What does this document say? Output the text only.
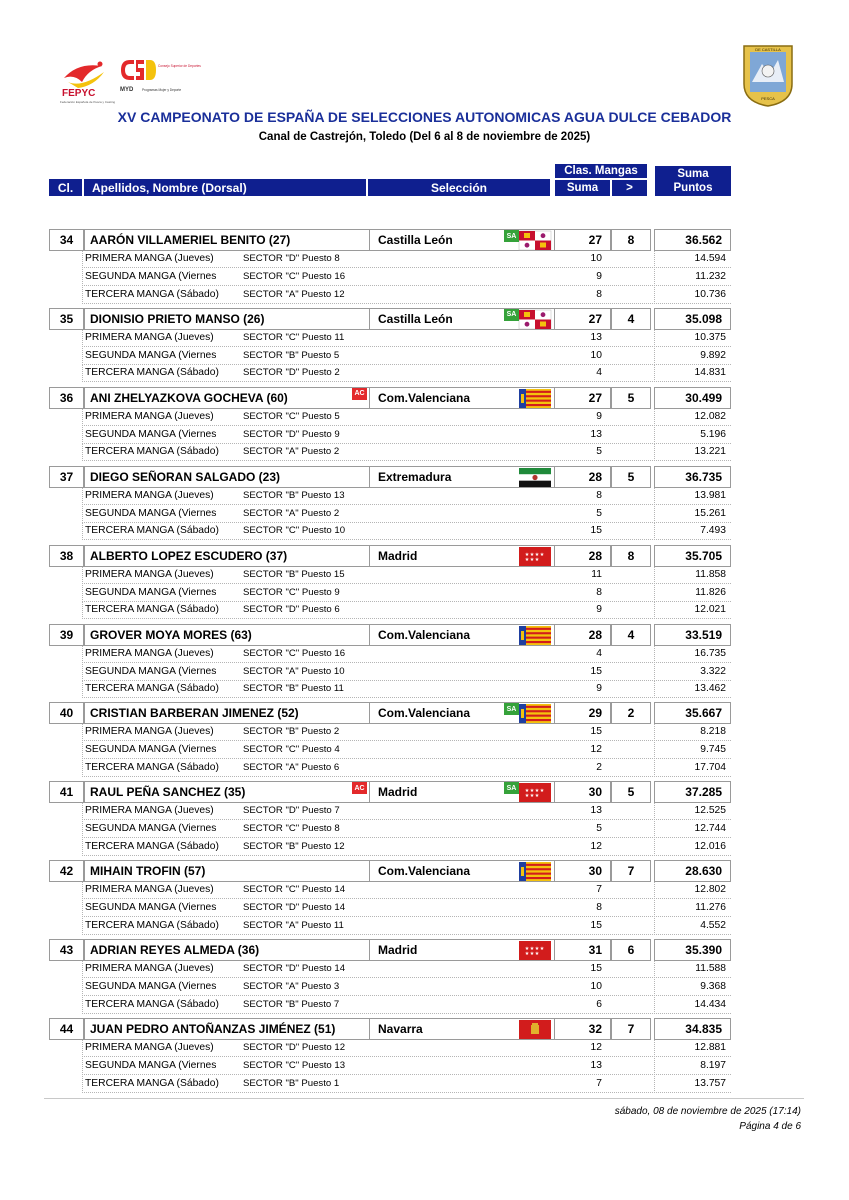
FEPYC
Federación Española de Pesca y Casting
Consejo Superior de Deportes
MYD	Programas Mujer y Deporte
DE CASTILLA
PESCA
XV CAMPEONATO DE ESPAÑA DE SELECCIONES AUTONOMICAS AGUA DULCE CEBADOR
Canal de Castrejón, Toledo (Del 6 al 8 de noviembre de 2025)
Cl.	Apellidos, Nombre (Dorsal)	Selección
Clas. Mangas
Suma	>
Suma
Puntos
34	AARÓN VILLAMERIEL BENITO (27)	Castilla León	27	8	36.562
SA
PRIMERA MANGA (Jueves)	SECTOR "D" Puesto 8	10	14.594
SEGUNDA MANGA (Viernes	SECTOR "C" Puesto 16	9	11.232
TERCERA MANGA (Sábado)	SECTOR "A" Puesto 12	8	10.736
35	DIONISIO PRIETO MANSO (26)	Castilla León	27	4	35.098
SA
PRIMERA MANGA (Jueves)	SECTOR "C" Puesto 11	13	10.375
SEGUNDA MANGA (Viernes	SECTOR "B" Puesto 5	10	9.892
TERCERA MANGA (Sábado)	SECTOR "D" Puesto 2	4	14.831
36	ANI ZHELYAZKOVA GOCHEVA (60)	Com.Valenciana	27	5	30.499
AC
PRIMERA MANGA (Jueves)	SECTOR "C" Puesto 5	9	12.082
SEGUNDA MANGA (Viernes	SECTOR "D" Puesto 9	13	5.196
TERCERA MANGA (Sábado)	SECTOR "A" Puesto 2	5	13.221
37	DIEGO SEÑORAN SALGADO (23)	Extremadura	28	5	36.735
PRIMERA MANGA (Jueves)	SECTOR "B" Puesto 13	8	13.981
SEGUNDA MANGA (Viernes	SECTOR "A" Puesto 2	5	15.261
TERCERA MANGA (Sábado)	SECTOR "C" Puesto 10	15	7.493
38	ALBERTO LOPEZ ESCUDERO (37)	Madrid	28	8	35.705
★ ★ ★ ★
★ ★ ★
PRIMERA MANGA (Jueves)	SECTOR "B" Puesto 15	11	11.858
SEGUNDA MANGA (Viernes	SECTOR "C" Puesto 9	8	11.826
TERCERA MANGA (Sábado)	SECTOR "D" Puesto 6	9	12.021
39	GROVER MOYA MORES (63)	Com.Valenciana	28	4	33.519
PRIMERA MANGA (Jueves)	SECTOR "C" Puesto 16	4	16.735
SEGUNDA MANGA (Viernes	SECTOR "A" Puesto 10	15	3.322
TERCERA MANGA (Sábado)	SECTOR "B" Puesto 11	9	13.462
40	CRISTIAN BARBERAN JIMENEZ (52)	Com.Valenciana	29	2	35.667
SA
PRIMERA MANGA (Jueves)	SECTOR "B" Puesto 2	15	8.218
SEGUNDA MANGA (Viernes	SECTOR "C" Puesto 4	12	9.745
TERCERA MANGA (Sábado)	SECTOR "A" Puesto 6	2	17.704
41	RAUL PEÑA SANCHEZ (35)	Madrid	30	5	37.285
★ ★ ★ ★
★ ★ ★
SA
AC
PRIMERA MANGA (Jueves)	SECTOR "D" Puesto 7	13	12.525
SEGUNDA MANGA (Viernes	SECTOR "C" Puesto 8	5	12.744
TERCERA MANGA (Sábado)	SECTOR "B" Puesto 12	12	12.016
42	MIHAIN TROFIN (57)	Com.Valenciana	30	7	28.630
PRIMERA MANGA (Jueves)	SECTOR "C" Puesto 14	7	12.802
SEGUNDA MANGA (Viernes	SECTOR "D" Puesto 14	8	11.276
TERCERA MANGA (Sábado)	SECTOR "A" Puesto 11	15	4.552
43	ADRIAN REYES ALMEDA (36)	Madrid	31	6	35.390
★ ★ ★ ★
★ ★ ★
PRIMERA MANGA (Jueves)	SECTOR "D" Puesto 14	15	11.588
SEGUNDA MANGA (Viernes	SECTOR "A" Puesto 3	10	9.368
TERCERA MANGA (Sábado)	SECTOR "B" Puesto 7	6	14.434
44	JUAN PEDRO ANTOÑANZAS JIMÉNEZ (51)	Navarra	32	7	34.835
PRIMERA MANGA (Jueves)	SECTOR "D" Puesto 12	12	12.881
SEGUNDA MANGA (Viernes	SECTOR "C" Puesto 13	13	8.197
TERCERA MANGA (Sábado)	SECTOR "B" Puesto 1	7	13.757
sábado, 08 de noviembre de 2025 (17:14)
Página 4 de 6
